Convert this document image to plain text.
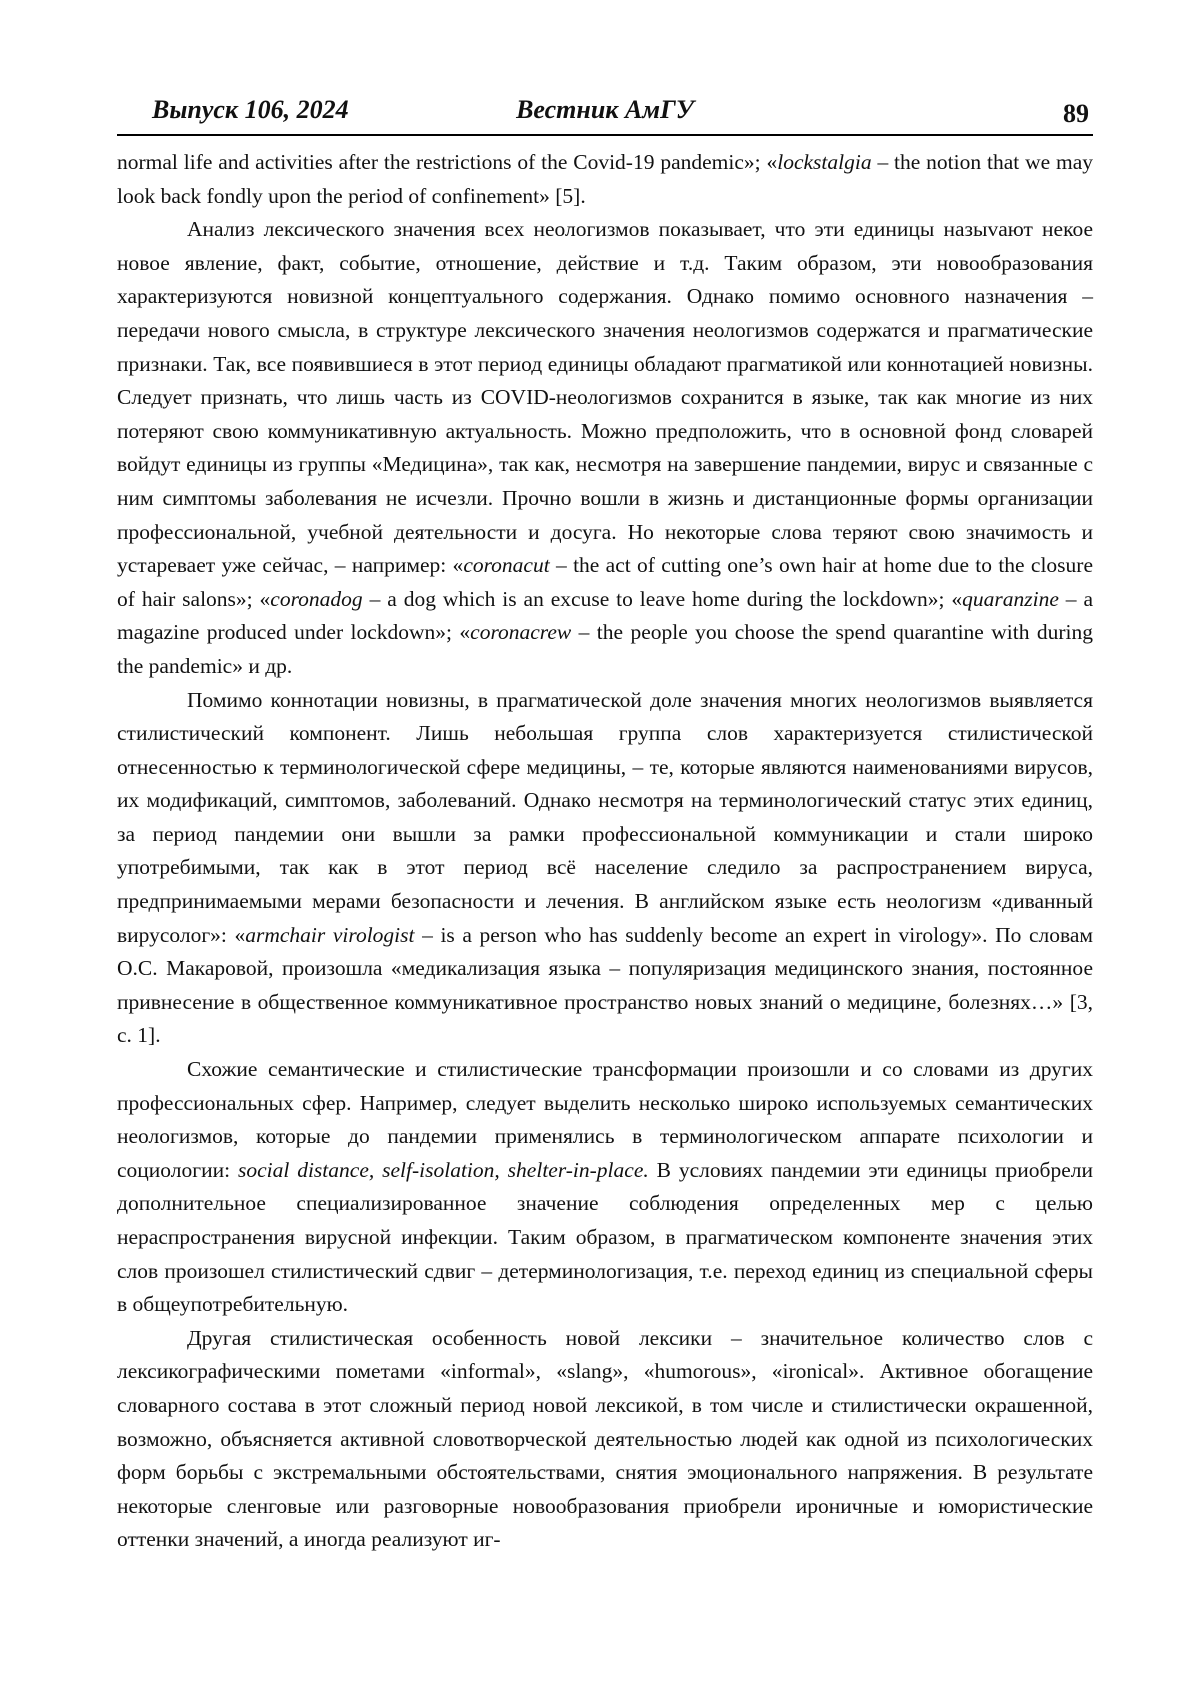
Выпуск 106, 2024	Вестник АмГУ	89

normal life and activities after the restrictions of the Covid-19 pandemic»; «lockstalgia – the notion that we may look back fondly upon the period of confinement» [5].

Анализ лексического значения всех неологизмов показывает, что эти единицы назыvают некое новое явление, факт, событие, отношение, действие и т.д. Таким образом, эти новообразования характеризуются новизной концептуального содержания. Однако помимо основного назначения – передачи нового смысла, в структуре лексического значения неологизмов содержатся и прагматические признаки. Так, все появившиеся в этот период единицы обладают прагматикой или коннотацией новизны. Следует признать, что лишь часть из COVID-неологизмов сохранится в языке, так как многие из них потеряют свою коммуникативную актуальность. Можно предположить, что в основной фонд словарей войдут единицы из группы «Медицина», так как, несмотря на завершение пандемии, вирус и связанные с ним симптомы заболевания не исчезли. Прочно вошли в жизнь и дистанционные формы организации профессиональной, учебной деятельности и досуга. Но некоторые слова теряют свою значимость и устаревает уже сейчас, – например: «coronacut – the act of cutting one’s own hair at home due to the closure of hair salons»; «coronadog – a dog which is an excuse to leave home during the lockdown»; «quaranzine – a magazine produced under lockdown»; «coronacrew – the people you choose the spend quarantine with during the pandemic» и др.

Помимо коннотации новизны, в прагматической доле значения многих неологизмов выявляется стилистический компонент. Лишь небольшая группа слов характеризуется стилистической отнесенностью к терминологической сфере медицины, – те, которые являются наименованиями вирусов, их модификаций, симптомов, заболеваний. Однако несмотря на терминологический статус этих единиц, за период пандемии они вышли за рамки профессиональной коммуникации и стали широко употребимыми, так как в этот период всё население следило за распространением вируса, предпринимаемыми мерами безопасности и лечения. В английском языке есть неологизм «диванный вирусолог»: «armchair virologist – is a person who has suddenly become an expert in virology». По словам О.С. Макаровой, произошла «медикализация языка – популяризация медицинского знания, постоянное привнесение в общественное коммуникативное пространство новых знаний о медицине, болезнях…» [3, с. 1].

Схожие семантические и стилистические трансформации произошли и со словами из других профессиональных сфер. Например, следует выделить несколько широко используемых семантических неологизмов, которые до пандемии применялись в терминологическом аппарате психологии и социологии: social distance, self-isolation, shelter-in-place. В условиях пандемии эти единицы приобрели дополнительное специализированное значение соблюдения определенных мер с целью нераспространения вирусной инфекции. Таким образом, в прагматическом компоненте значения этих слов произошел стилистический сдвиг – детерминологизация, т.е. переход единиц из специальной сферы в общеупотребительную.

Другая стилистическая особенность новой лексики – значительное количество слов с лексикографическими пометами «informal», «slang», «humorous», «ironical». Активное обогащение словарного состава в этот сложный период новой лексикой, в том числе и стилистически окрашенной, возможно, объясняется активной словотворческой деятельностью людей как одной из психологических форм борьбы с экстремальными обстоятельствами, снятия эмоционального напряжения. В результате некоторые сленговые или разговорные новообразования приобрели ироничные и юмористические оттенки значений, а иногда реализуют иг-
